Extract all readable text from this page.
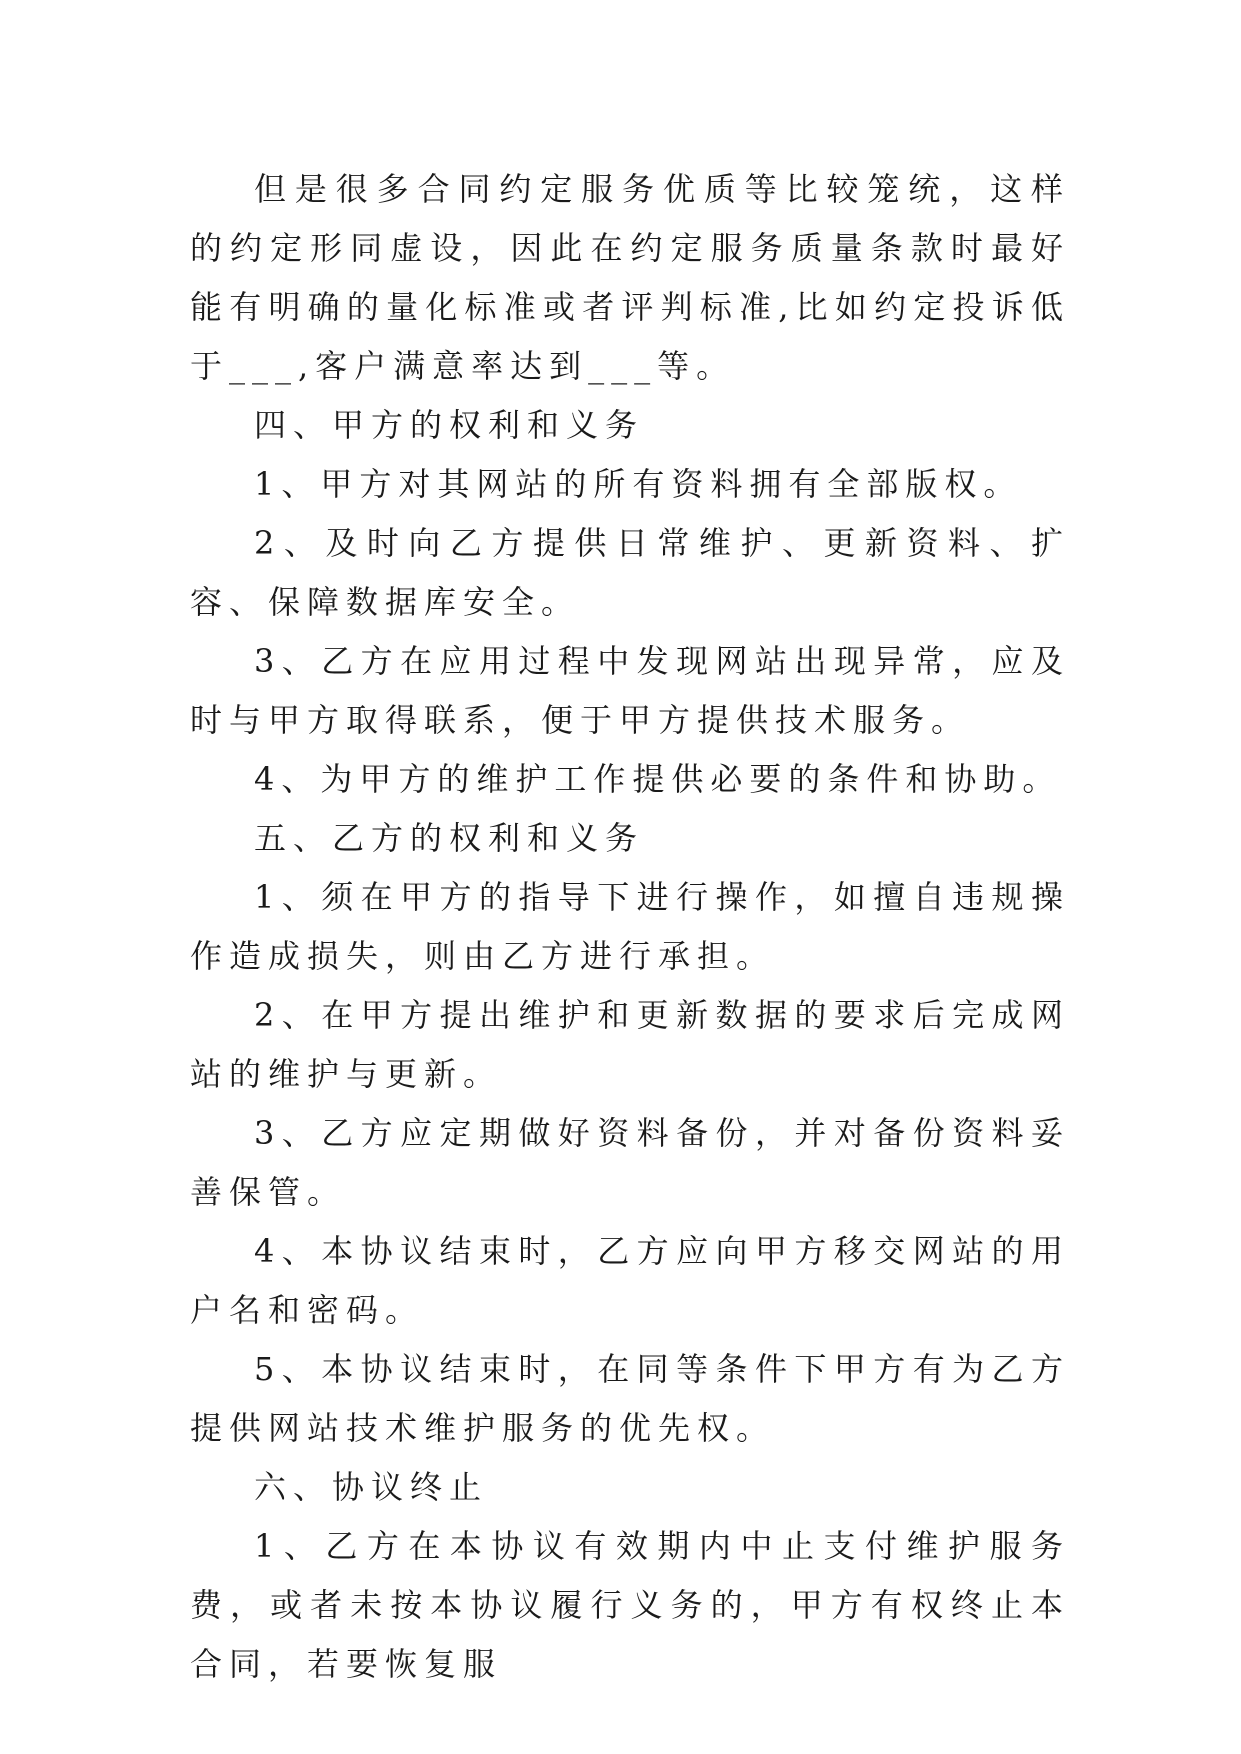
但是很多合同约定服务优质等比较笼统，这样的约定形同虚设，因此在约定服务质量条款时最好能有明确的量化标准或者评判标准,比如约定投诉低于___,客户满意率达到___等。

四、甲方的权利和义务

1、甲方对其网站的所有资料拥有全部版权。

2、及时向乙方提供日常维护、更新资料、扩容、保障数据库安全。

3、乙方在应用过程中发现网站出现异常，应及时与甲方取得联系，便于甲方提供技术服务。

4、为甲方的维护工作提供必要的条件和协助。

五、乙方的权利和义务

1、须在甲方的指导下进行操作，如擅自违规操作造成损失，则由乙方进行承担。

2、在甲方提出维护和更新数据的要求后完成网站的维护与更新。

3、乙方应定期做好资料备份，并对备份资料妥善保管。

4、本协议结束时，乙方应向甲方移交网站的用户名和密码。

5、本协议结束时，在同等条件下甲方有为乙方提供网站技术维护服务的优先权。

六、协议终止

1、乙方在本协议有效期内中止支付维护服务费，或者未按本协议履行义务的，甲方有权终止本合同，若要恢复服
